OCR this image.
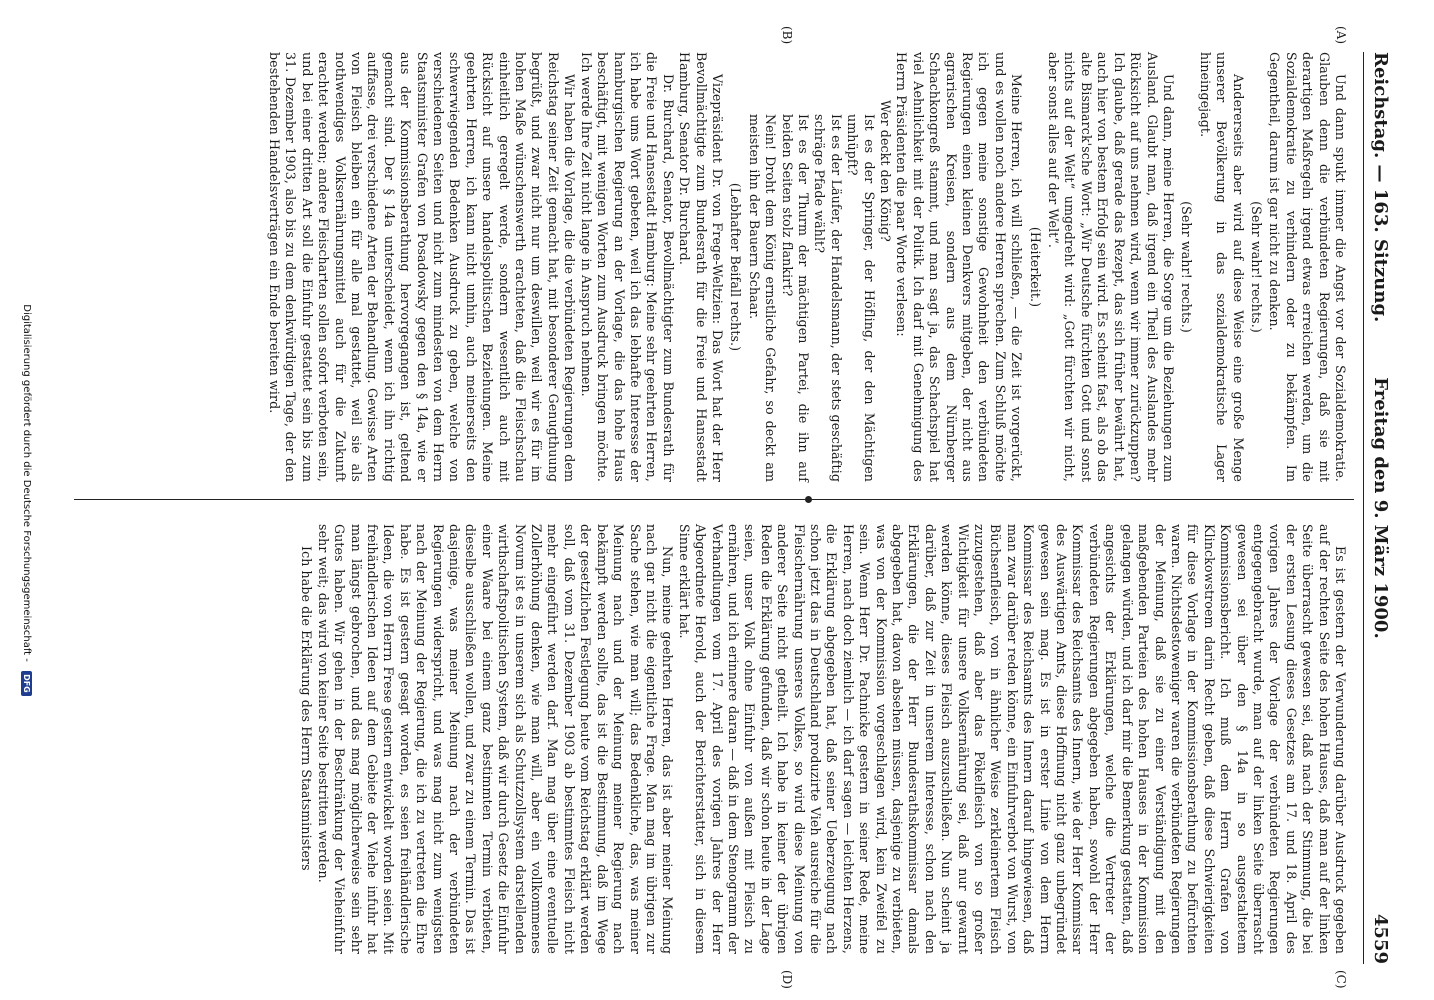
Reichstag. — 163. Sitzung.
Freitag den 9. März 1900.
4559
(A)
(B)
(C)
(D)

Und dann spukt immer die Angst vor der Sozialdemokratie. Glauben denn die verbündeten Regierungen, daß sie mit derartigen Maßregeln irgend etwas erreichen werden, um die Sozialdemokratie zu verhindern oder zu bekämpfen. Im Gegentheil, darum ist gar nicht zu denken.

(Sehr wahr! rechts.)

Andererseits aber wird auf diese Weise eine große Menge unserer Bevölkerung in das sozialdemokratische Lager hineingejagt.

(Sehr wahr! rechts.)

Und dann, meine Herren, die Sorge um die Beziehungen zum Ausland. Glaubt man, daß irgend ein Theil des Auslandes mehr Rücksicht auf uns nehmen wird, wenn wir immer zurückzuppen? Ich glaube, daß gerade das Rezept, das sich früher bewährt hat, auch hier von bestem Erfolg sein wird. Es scheint fast, als ob das alte Bismarck'sche Wort: „Wir Deutsche fürchten Gott und sonst nichts auf der Welt“ umgedreht wird: „Gott fürchten wir nicht, aber sonst alles auf der Welt“.

(Heiterkeit.)

Meine Herren, ich will schließen, — die Zeit ist vorgerückt, und es wollen noch andere Herren sprechen. Zum Schluß möchte ich gegen meine sonstige Gewohnheit den verbündeten Regierungen einen kleinen Denkvers mitgeben, der nicht aus agrarischen Kreisen, sondern aus dem Nürnberger Schachkongreß stammt, und man sagt ja, das Schachspiel hat viel Aehnlichkeit mit der Politik. Ich darf mit Genehmigung des Herrn Präsidenten die paar Worte verlesen:

Wer deckt den König?

Ist es der Springer, der Höfling, der den Mächtigen umhüpft?

Ist es der Läufer, der Handelsmann, der stets geschäftig schräge Pfade wählt?

Ist es der Thurm der mächtigen Partei, die ihn auf beiden Seiten stolz flankirt?

Nein! Droht dem König ernstliche Gefahr, so deckt am meisten ihn der Bauern Schaar.

(Lebhafter Beifall rechts.)

Vizepräsident Dr. von Frege-Weltzien: Das Wort hat der Herr Bevollmächtigte zum Bundesrath für die Freie und Hansestadt Hamburg, Senator Dr. Burchard.

Dr. Burchard, Senator, Bevollmächtigter zum Bundesrath für die Freie und Hansestadt Hamburg: Meine sehr geehrten Herren, ich habe ums Wort gebeten, weil ich das lebhafte Interesse der hamburgischen Regierung an der Vorlage, die das hohe Haus beschäftigt, mit wenigen Worten zum Ausdruck bringen möchte. Ich werde Ihre Zeit nicht lange in Anspruch nehmen.

Wir haben die Vorlage, die die verbündeten Regierungen dem Reichstag seiner Zeit gemacht hat, mit besonderer Genugthuung begrüßt, und zwar nicht nur um deswillen, weil wir es für im hohen Maße wünschenswerth erachteten, daß die Fleischschau einheitlich geregelt werde, sondern wesentlich auch mit Rücksicht auf unsere handelspolitischen Beziehungen. Meine geehrten Herren, ich kann nicht umhin, auch meinerseits den schwerwiegenden Bedenken Ausdruck zu geben, welche von verschiedenen Seiten und nicht zum mindesten von dem Herrn Staatsminister Grafen von Posadowsky gegen den § 14a, wie er aus der Kommissionsberathung hervorgegangen ist, geltend gemacht sind. Der § 14a unterscheidet, wenn ich ihn richtig auffasse, drei verschiedene Arten der Behandlung. Gewisse Arten von Fleisch bleiben ein für alle mal gestattet, weil sie als nothwendiges Volksernährungsmittel auch für die Zukunft erachtet werden; andere Fleischarten sollen sofort verboten sein, und bei einer dritten Art soll die Einfuhr gestattet sein bis zum 31. Dezember 1903, also bis zu dem denkwürdigen Tage, der den bestehenden Handelsverträgen ein Ende bereiten wird.

Es ist gestern der Verwunderung darüber Ausdruck gegeben auf der rechten Seite des hohen Hauses, daß man auf der linken Seite überrascht gewesen sei, daß nach der Stimmung, die bei der ersten Lesung dieses Gesetzes am 17. und 18. April des vorigen Jahres der Vorlage der verbündeten Regierungen entgegengebracht wurde, man auf der linken Seite überrascht gewesen sei über den § 14a in so ausgestaltetem Kommissionsbericht. Ich muß dem Herrn Grafen von Klinckowstroem darin Recht geben, daß diese Schwierigkeiten für diese Vorlage in der Kommissionsberathung zu befürchten waren. Nichtsdestoweniger waren die verbündeten Regierungen der Meinung, daß sie zu einer Verständigung mit den maßgebenden Parteien des hohen Hauses in der Kommission gelangen würden, und ich darf mir die Bemerkung gestatten, daß angesichts der Erklärungen, welche die Vertreter der verbündeten Regierungen abgegeben haben, sowohl der Herr Kommissar des Reichsamts des Innern, wie der Herr Kommissar des Auswärtigen Amts, diese Hoffnung nicht ganz unbegründet gewesen sein mag. Es ist in erster Linie von dem Herrn Kommissar des Reichsamts des Innern darauf hingewiesen, daß man zwar darüber reden könne, ein Einfuhrverbot von Wurst, von Büchsenfleisch, von in ähnlicher Weise zerkleinertem Fleisch zuzugestehen, daß aber das Pökelfleisch von so großer Wichtigkeit für unsere Volksernährung sei, daß nur gewarnt werden könne, dieses Fleisch auszuschließen. Nun scheint ja darüber, daß zur Zeit in unserem Interesse, schon nach den Erklärungen, die der Herr Bundesrathskommissar damals abgegeben hat, davon absehen müssen, dasjenige zu verbieten, was von der Kommission vorgeschlagen wird, kein Zweifel zu sein. Wenn Herr Dr. Pachnicke gestern in seiner Rede, meine Herren, nach doch ziemlich — ich darf sagen — leichten Herzens, die Erklärung abgegeben hat, daß seiner Ueberzeugung nach schon jetzt das in Deutschland produzirte Vieh ausreiche für die Fleischernährung unseres Volkes, so wird diese Meinung von anderer Seite nicht getheilt. Ich habe in keiner der übrigen Reden die Erklärung gefunden, daß wir schon heute in der Lage seien, unser Volk ohne Einfuhr von außen mit Fleisch zu ernähren, und ich erinnere daran — daß in dem Stenogramm der Verhandlungen vom 17. April des vorigen Jahres der Herr Abgeordnete Herold, auch der Berichterstatter, sich in diesem Sinne erklärt hat.

Nun, meine geehrten Herren, das ist aber meiner Meinung nach gar nicht die eigentliche Frage. Man mag im übrigen zur Sache stehen, wie man will; das Bedenkliche, das, was meiner Meinung nach und der Meinung meiner Regierung nach bekämpft werden sollte, das ist die Bestimmung, daß im Wege der gesetzlichen Festlegung heute vom Reichstag erklärt werden soll, daß vom 31. Dezember 1903 ab bestimmtes Fleisch nicht mehr eingeführt werden darf. Man mag über eine eventuelle Zollerhöhung denken, wie man will, aber ein vollkommenes Novum ist es in unserem sich als Schutzzollsystem darstellenden wirthschaftspolitischen System, daß wir durch Gesetz die Einfuhr einer Waare bei einem ganz bestimmten Termin verbieten, dieselbe ausschließen wollen, und zwar zu einem Termin. Das ist dasjenige, was meiner Meinung nach der verbündeten Regierungen widerspricht, und was mag nicht zum wenigsten nach der Meinung der Regierung, die ich zu vertreten die Ehre habe. Es ist gestern gesagt worden, es seien freihändlerische Ideen, die von Herrn Frese gestern entwickelt worden seien. Mit freihändlerischen Ideen auf dem Gebiete der Viehe infuhr hat man längst gebrochen, und das mag möglicherweise sein sehr Gutes haben. Wir gehen in der Beschränkung der Vieheinfuhr sehr weit; das wird von keiner Seite bestritten werden.

Ich habe die Erklärung des Herrn Staatsministers

Digitalisierung gefördert durch die Deutsche Forschungsgemeinschaft - DFG
